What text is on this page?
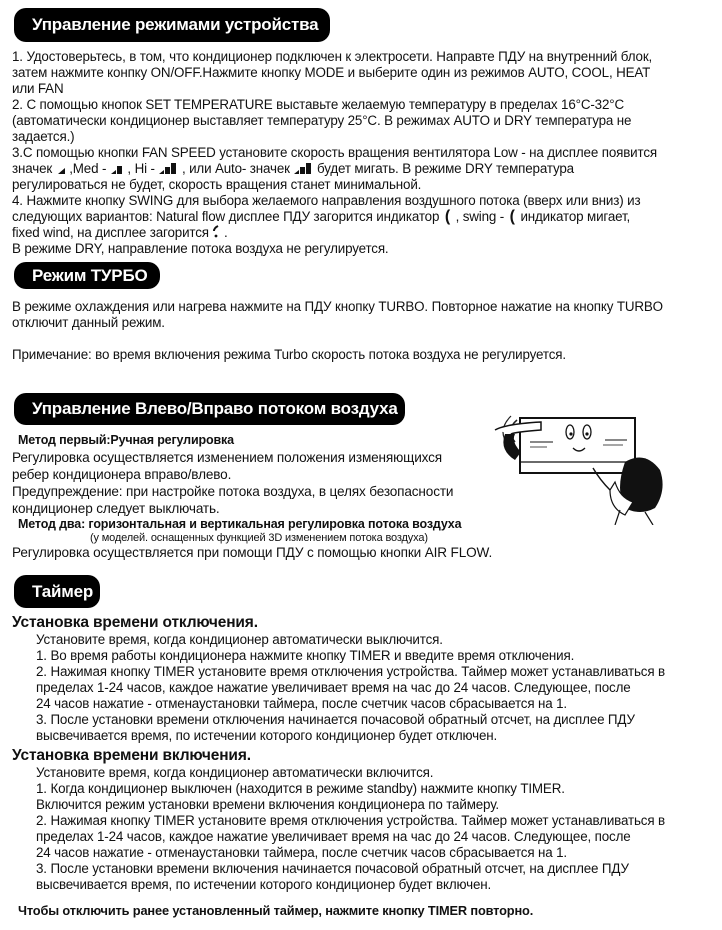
Управление режимами устройства

1. Удостоверьтесь, в том, что кондиционер подключен к электросети. Направте ПДУ на внутренний блок,

затем нажмите конпку ON/OFF.Нажмите кнопку MODE и выберите один из режимов AUTO, COOL, HEAT

или FAN

2. С помощью кнопок SET TEMPERATURE выставьте желаемую температуру в пределах 16°C-32°C

(автоматически кондиционер выставляет температуру 25°C. В режимах AUTO и DRY температура не

задается.)

3.С помощью кнопки FAN SPEED установите скорость вращения вентилятора Low - на дисплее появится

значек  ,Med -  , Hi -  , или Auto- значек  будет мигать. В режиме DRY температура

регулироваться не будет, скорость вращения станет минимальной.

4. Нажмите кнопку SWING для выбора желаемого направления воздушного потока (вверх или вниз) из

следующих вариантов: Natural flow дисплее ПДУ загорится индикатор ( , swing - ( индикатор мигает,

fixed wind, на дисплее загорится  .

В режиме DRY, направление потока воздуха не регулируется.

Режим ТУРБО

В режиме охлаждения или нагрева нажмите на ПДУ кнопку TURBO. Повторное нажатие на кнопку TURBO

отключит данный режим.

Примечание: во время включения режима Turbo скорость потока воздуха не регулируется.

Управление Влево/Вправо потоком воздуха

Метод первый:Ручная регулировка

Регулировка осуществляется изменением положения изменяющихся

ребер кондиционера вправо/влево.

Предупреждение: при настройке потока воздуха, в целях безопасности

кондиционер следует выключать.

Метод два: горизонтальная и вертикальная регулировка потока воздуха

(у моделей. оснащенных функцией 3D изменением потока воздуха)

Регулировка осуществляется при помощи ПДУ с помощью кнопки AIR FLOW.

Таймер

Установка времени отключения.

Установите время, когда кондиционер автоматически выключится.

1. Во время работы кондиционера нажмите кнопку TIMER и введите время отключения.

2. Нажимая кнопку TIMER установите время отключения устройства. Таймер может устанавливаться в

пределах 1-24 часов, каждое нажатие увеличивает время на час до 24 часов. Следующее, после

24 часов нажатие - отменаустановки таймера, после счетчик часов сбрасывается на 1.

3. После установки времени отключения начинается почасовой обратный отсчет, на дисплее ПДУ

высвечивается время, по истечении которого кондиционер будет отключен.

Установка времени включения.

Установите время, когда кондиционер автоматически включится.

1. Когда кондиционер выключен (находится в режиме standby) нажмите кнопку TIMER.

Включится режим установки времени включения кондиционера по таймеру.

2. Нажимая кнопку TIMER установите время отключения устройства. Таймер может устанавливаться в

пределах 1-24 часов, каждое нажатие увеличивает время на час до 24 часов. Следующее, после

24 часов нажатие - отменаустановки таймера, после счетчик часов сбрасывается на 1.

3. После установки времени включения начинается почасовой обратный отсчет, на дисплее ПДУ

высвечивается время, по истечении которого кондиционер будет включен.

Чтобы отключить ранее установленный таймер, нажмите кнопку TIMER повторно.
